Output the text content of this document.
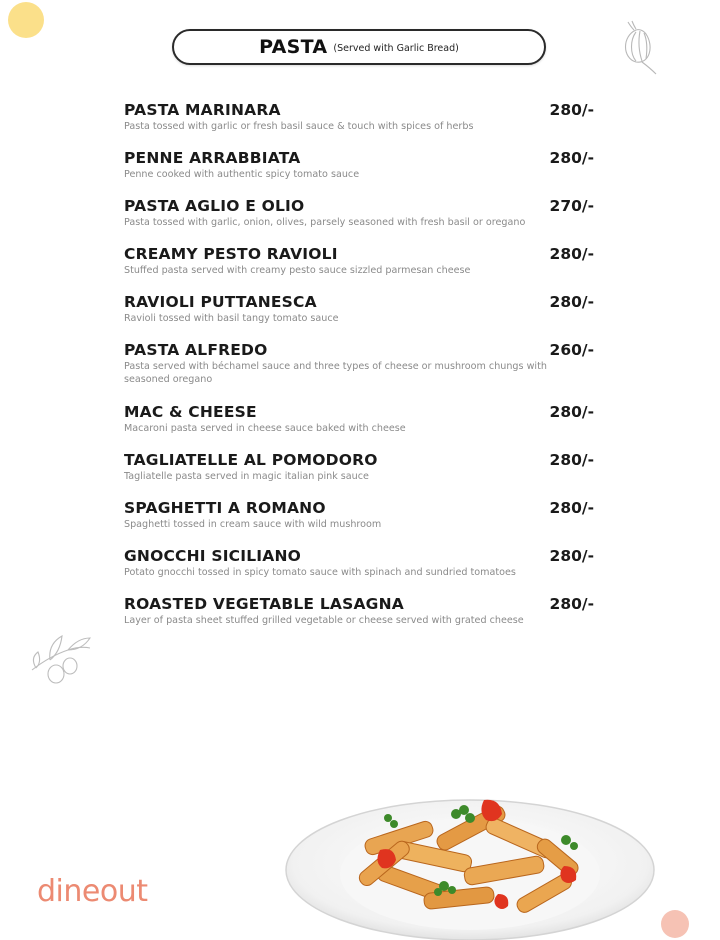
PASTA (Served with Garlic Bread)
PASTA MARINARA	280/-
Pasta tossed with garlic or fresh basil sauce & touch with spices of herbs
PENNE ARRABBIATA	280/-
Penne cooked with authentic spicy tomato sauce
PASTA AGLIO E OLIO	270/-
Pasta tossed with garlic, onion, olives, parsely seasoned with fresh basil or oregano
CREAMY PESTO RAVIOLI	280/-
Stuffed pasta served with creamy pesto sauce sizzled parmesan cheese
RAVIOLI PUTTANESCA	280/-
Ravioli tossed with basil tangy tomato sauce
PASTA ALFREDO	260/-
Pasta served with béchamel sauce and three types of cheese or mushroom chungs with seasoned oregano
MAC & CHEESE	280/-
Macaroni pasta served in cheese sauce baked with cheese
TAGLIATELLE AL POMODORO	280/-
Tagliatelle pasta served in magic italian pink sauce
SPAGHETTI A ROMANO	280/-
Spaghetti tossed in cream sauce with wild mushroom
GNOCCHI SICILIANO	280/-
Potato gnocchi tossed in spicy tomato sauce with spinach and sundried tomatoes
ROASTED VEGETABLE LASAGNA	280/-
Layer of pasta sheet stuffed grilled vegetable or cheese served with grated cheese
dineout
